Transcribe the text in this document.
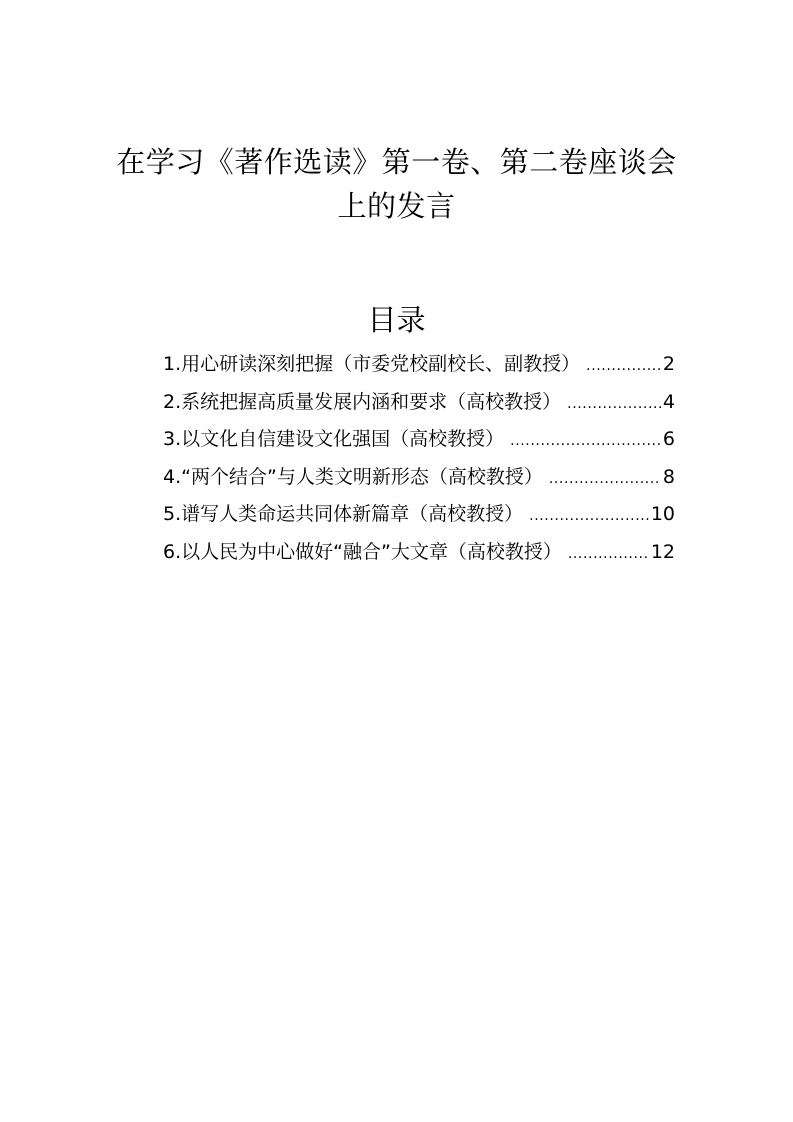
在学习《著作选读》第一卷、第二卷座谈会
上的发言
目录
1.用心研读深刻把握（市委党校副校长、副教授） .....	2
2.系统把握高质量发展内涵和要求（高校教授） .....	4
3.以文化自信建设文化强国（高校教授） .....	6
4.“两个结合”与人类文明新形态（高校教授） .....	8
5.谱写人类命运共同体新篇章（高校教授） .....	10
6.以人民为中心做好“融合”大文章（高校教授） .....	12
